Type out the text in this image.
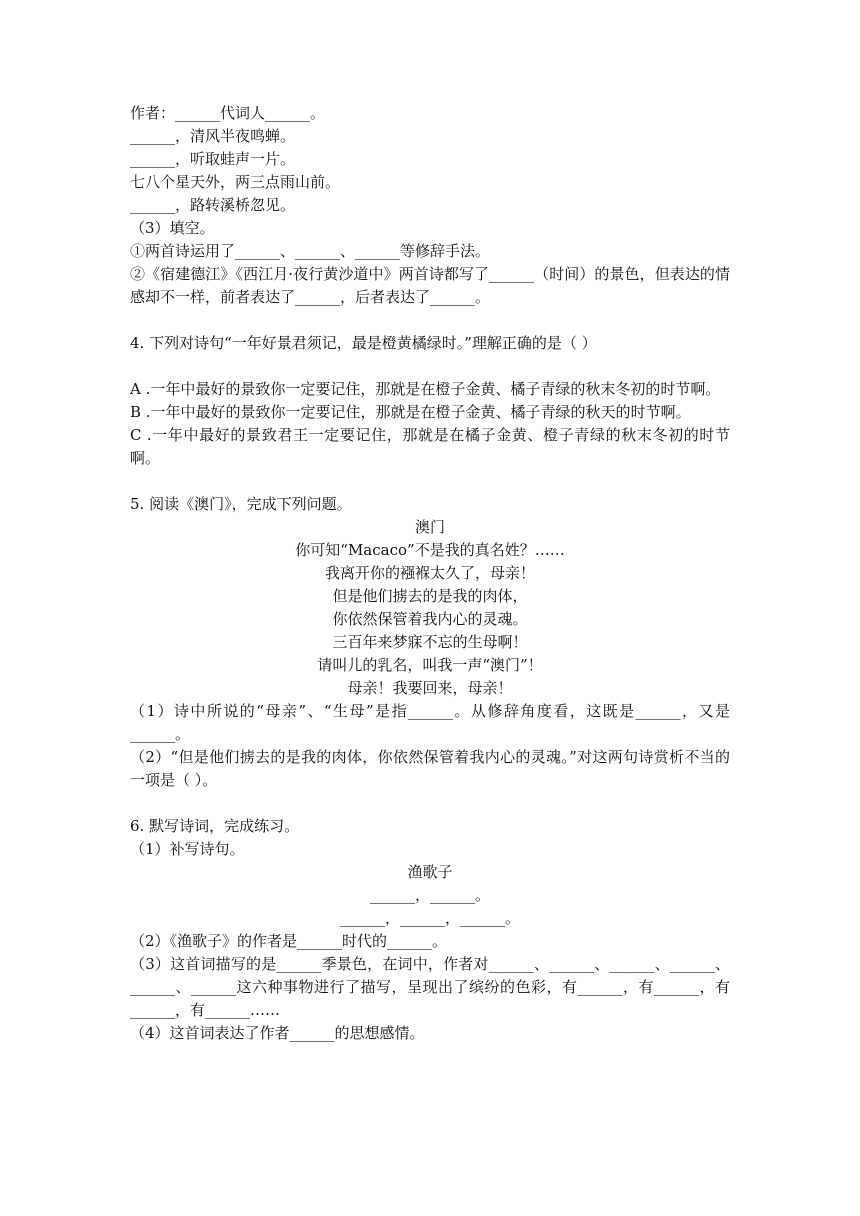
作者：______代词人______。
______，清风半夜鸣蝉。
______，听取蛙声一片。
七八个星天外，两三点雨山前。
______，路转溪桥忽见。
（3）填空。
①两首诗运用了______、______、______等修辞手法。
②《宿建德江》《西江月·夜行黄沙道中》两首诗都写了______（时间）的景色，但表达的情感却不一样，前者表达了______，后者表达了______。
4. 下列对诗句“一年好景君须记，最是橙黄橘绿时。”理解正确的是（ ）
A .一年中最好的景致你一定要记住，那就是在橙子金黄、橘子青绿的秋末冬初的时节啊。
B .一年中最好的景致你一定要记住，那就是在橙子金黄、橘子青绿的秋天的时节啊。
C .一年中最好的景致君王一定要记住，那就是在橘子金黄、橙子青绿的秋末冬初的时节啊。
5. 阅读《澳门》，完成下列问题。
澳门
你可知“Macaco”不是我的真名姓？……
我离开你的襁褓太久了，母亲！
但是他们掳去的是我的肉体，
你依然保管着我内心的灵魂。
三百年来梦寐不忘的生母啊！
请叫儿的乳名，叫我一声“澳门”！
母亲！我要回来，母亲！
（1）诗中所说的“母亲”、“生母”是指______。从修辞角度看，这既是______，又是______。
（2）“但是他们掳去的是我的肉体，你依然保管着我内心的灵魂。”对这两句诗赏析不当的一项是（ ）。
6. 默写诗词，完成练习。
（1）补写诗句。
渔歌子
______，______。
______，______，______。
（2）《渔歌子》的作者是______时代的______。
（3）这首词描写的是______季景色，在词中，作者对______、______、______、______、______、______这六种事物进行了描写，呈现出了缤纷的色彩，有______，有______，有______，有______……
（4）这首词表达了作者______的思想感情。
